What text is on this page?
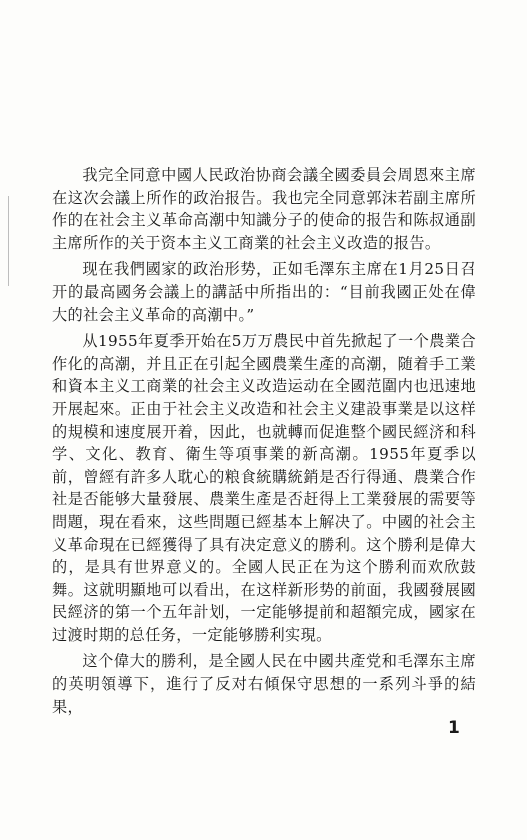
我完全同意中國人民政治协商会議全國委員会周恩來主席在这次会議上所作的政治报告。我也完全同意郭沫若副主席所作的在社会主义革命高潮中知識分子的使命的报告和陈叔通副主席所作的关于资本主义工商業的社会主义改造的报告。

现在我們國家的政治形势，正如毛澤东主席在1月25日召开的最高國务会議上的講話中所指出的：“目前我國正处在偉大的社会主义革命的高潮中。”

从1955年夏季开始在5万万農民中首先掀起了一个農業合作化的高潮，并且正在引起全國農業生產的高潮，随着手工業和資本主义工商業的社会主义改造运动在全國范圍内也迅速地开展起來。正由于社会主义改造和社会主义建設事業是以这样的規模和速度展开着，因此，也就轉而促進整个國民經济和科学、文化、教育、衛生等項事業的新高潮。1955年夏季以前，曾經有許多人耽心的粮食統購統銷是否行得通、農業合作社是否能够大量發展、農業生產是否赶得上工業發展的需要等問題，現在看來，这些問題已經基本上解决了。中國的社会主义革命現在已經獲得了具有决定意义的勝利。这个勝利是偉大的，是具有世界意义的。全國人民正在为这个勝利而欢欣鼓舞。这就明顯地可以看出，在这样新形势的前面，我國發展國民經济的第一个五年計划，一定能够提前和超額完成，國家在过渡时期的总任务，一定能够勝利实現。

这个偉大的勝利，是全國人民在中國共產党和毛澤东主席的英明領導下，進行了反对右傾保守思想的一系列斗爭的結果，

1
